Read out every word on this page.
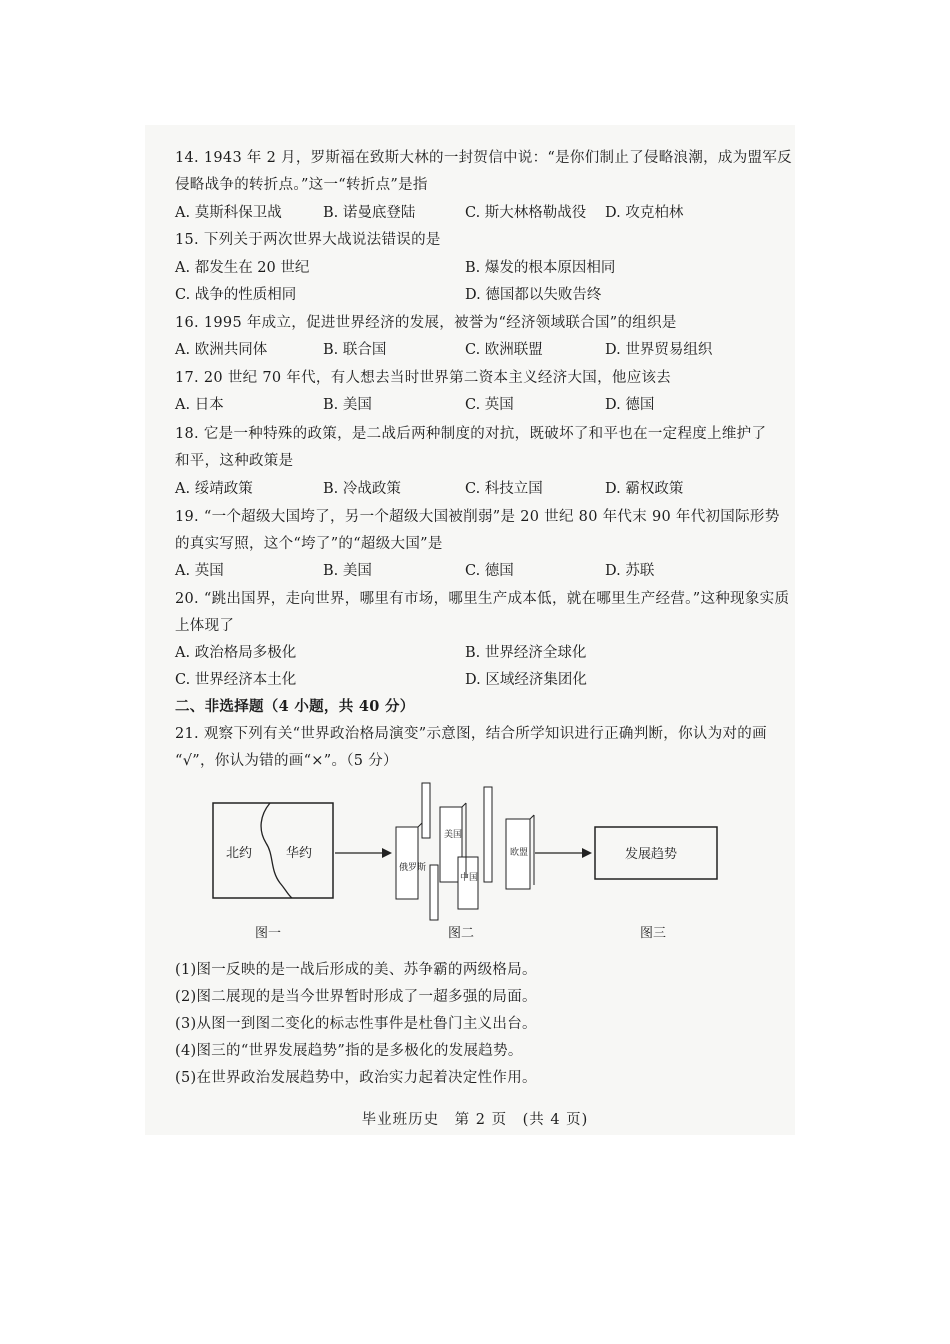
14. 1943 年 2 月，罗斯福在致斯大林的一封贺信中说：“是你们制止了侵略浪潮，成为盟军反
侵略战争的转折点。”这一“转折点”是指
A. 莫斯科保卫战	B. 诺曼底登陆	C. 斯大林格勒战役 D. 攻克柏林
15. 下列关于两次世界大战说法错误的是
A. 都发生在 20 世纪	B. 爆发的根本原因相同
C. 战争的性质相同	D. 德国都以失败告终
16. 1995 年成立，促进世界经济的发展，被誉为“经济领域联合国”的组织是
A. 欧洲共同体	B. 联合国	C. 欧洲联盟	D. 世界贸易组织
17. 20 世纪 70 年代，有人想去当时世界第二资本主义经济大国，他应该去
A. 日本	B. 美国	C. 英国	D. 德国
18. 它是一种特殊的政策，是二战后两种制度的对抗，既破坏了和平也在一定程度上维护了
和平，这种政策是
A. 绥靖政策	B. 冷战政策	C. 科技立国	D. 霸权政策
19. “一个超级大国垮了，另一个超级大国被削弱”是 20 世纪 80 年代末 90 年代初国际形势
的真实写照，这个“垮了”的“超级大国”是
A. 英国	B. 美国	C. 德国	D. 苏联
20. “跳出国界，走向世界，哪里有市场，哪里生产成本低，就在哪里生产经营。”这种现象实质
上体现了
A. 政治格局多极化	B. 世界经济全球化
C. 世界经济本土化	D. 区域经济集团化
二、非选择题（4 小题，共 40 分）
21. 观察下列有关“世界政治格局演变”示意图，结合所学知识进行正确判断，你认为对的画
“√”，你认为错的画“×”。（5 分）
北约	华约
图一
俄罗斯
美国
中国
欧盟
图二
发展趋势
图三
(1)图一反映的是一战后形成的美、苏争霸的两级格局。
(2)图二展现的是当今世界暂时形成了一超多强的局面。
(3)从图一到图二变化的标志性事件是杜鲁门主义出台。
(4)图三的“世界发展趋势”指的是多极化的发展趋势。
(5)在世界政治发展趋势中，政治实力起着决定性作用。
毕业班历史　第 2 页　(共 4 页)
